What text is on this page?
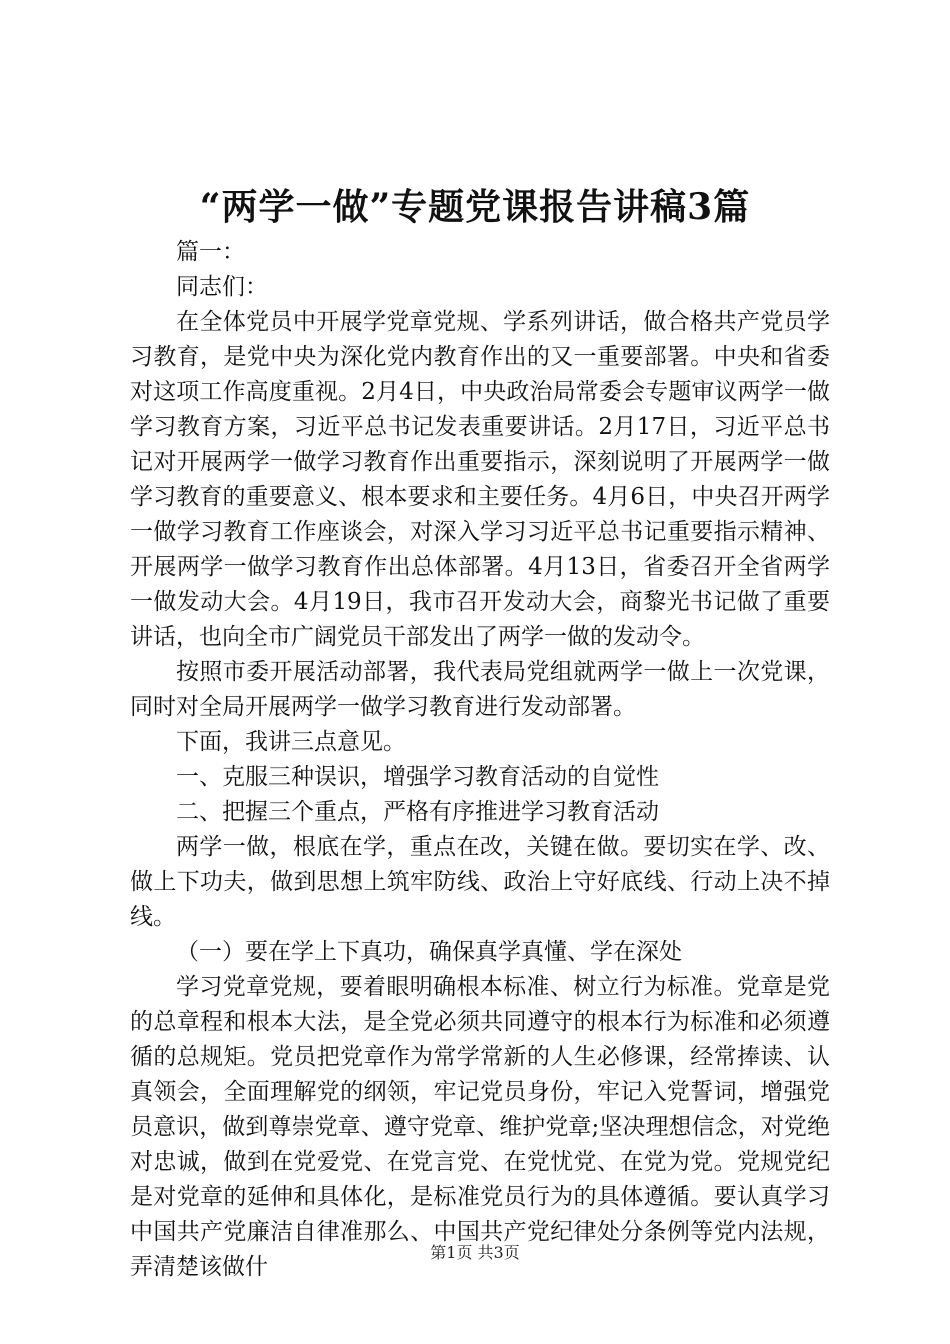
“两学一做”专题党课报告讲稿3篇

篇一：

同志们：

在全体党员中开展学党章党规、学系列讲话，做合格共产党员学习教育，是党中央为深化党内教育作出的又一重要部署。中央和省委对这项工作高度重视。2月4日，中央政治局常委会专题审议两学一做学习教育方案，习近平总书记发表重要讲话。2月17日，习近平总书记对开展两学一做学习教育作出重要指示，深刻说明了开展两学一做学习教育的重要意义、根本要求和主要任务。4月6日，中央召开两学一做学习教育工作座谈会，对深入学习习近平总书记重要指示精神、开展两学一做学习教育作出总体部署。4月13日，省委召开全省两学一做发动大会。4月19日，我市召开发动大会，商黎光书记做了重要讲话，也向全市广阔党员干部发出了两学一做的发动令。

按照市委开展活动部署，我代表局党组就两学一做上一次党课，同时对全局开展两学一做学习教育进行发动部署。

下面，我讲三点意见。

一、克服三种误识，增强学习教育活动的自觉性

二、把握三个重点，严格有序推进学习教育活动

两学一做，根底在学，重点在改，关键在做。要切实在学、改、做上下功夫，做到思想上筑牢防线、政治上守好底线、行动上决不掉线。

（一）要在学上下真功，确保真学真懂、学在深处

学习党章党规，要着眼明确根本标准、树立行为标准。党章是党的总章程和根本大法，是全党必须共同遵守的根本行为标准和必须遵循的总规矩。党员把党章作为常学常新的人生必修课，经常捧读、认真领会，全面理解党的纲领，牢记党员身份，牢记入党誓词，增强党员意识，做到尊崇党章、遵守党章、维护党章;坚决理想信念，对党绝对忠诚，做到在党爱党、在党言党、在党忧党、在党为党。党规党纪是对党章的延伸和具体化，是标准党员行为的具体遵循。要认真学习中国共产党廉洁自律准那么、中国共产党纪律处分条例等党内法规，弄清楚该做什

第1页 共3页
